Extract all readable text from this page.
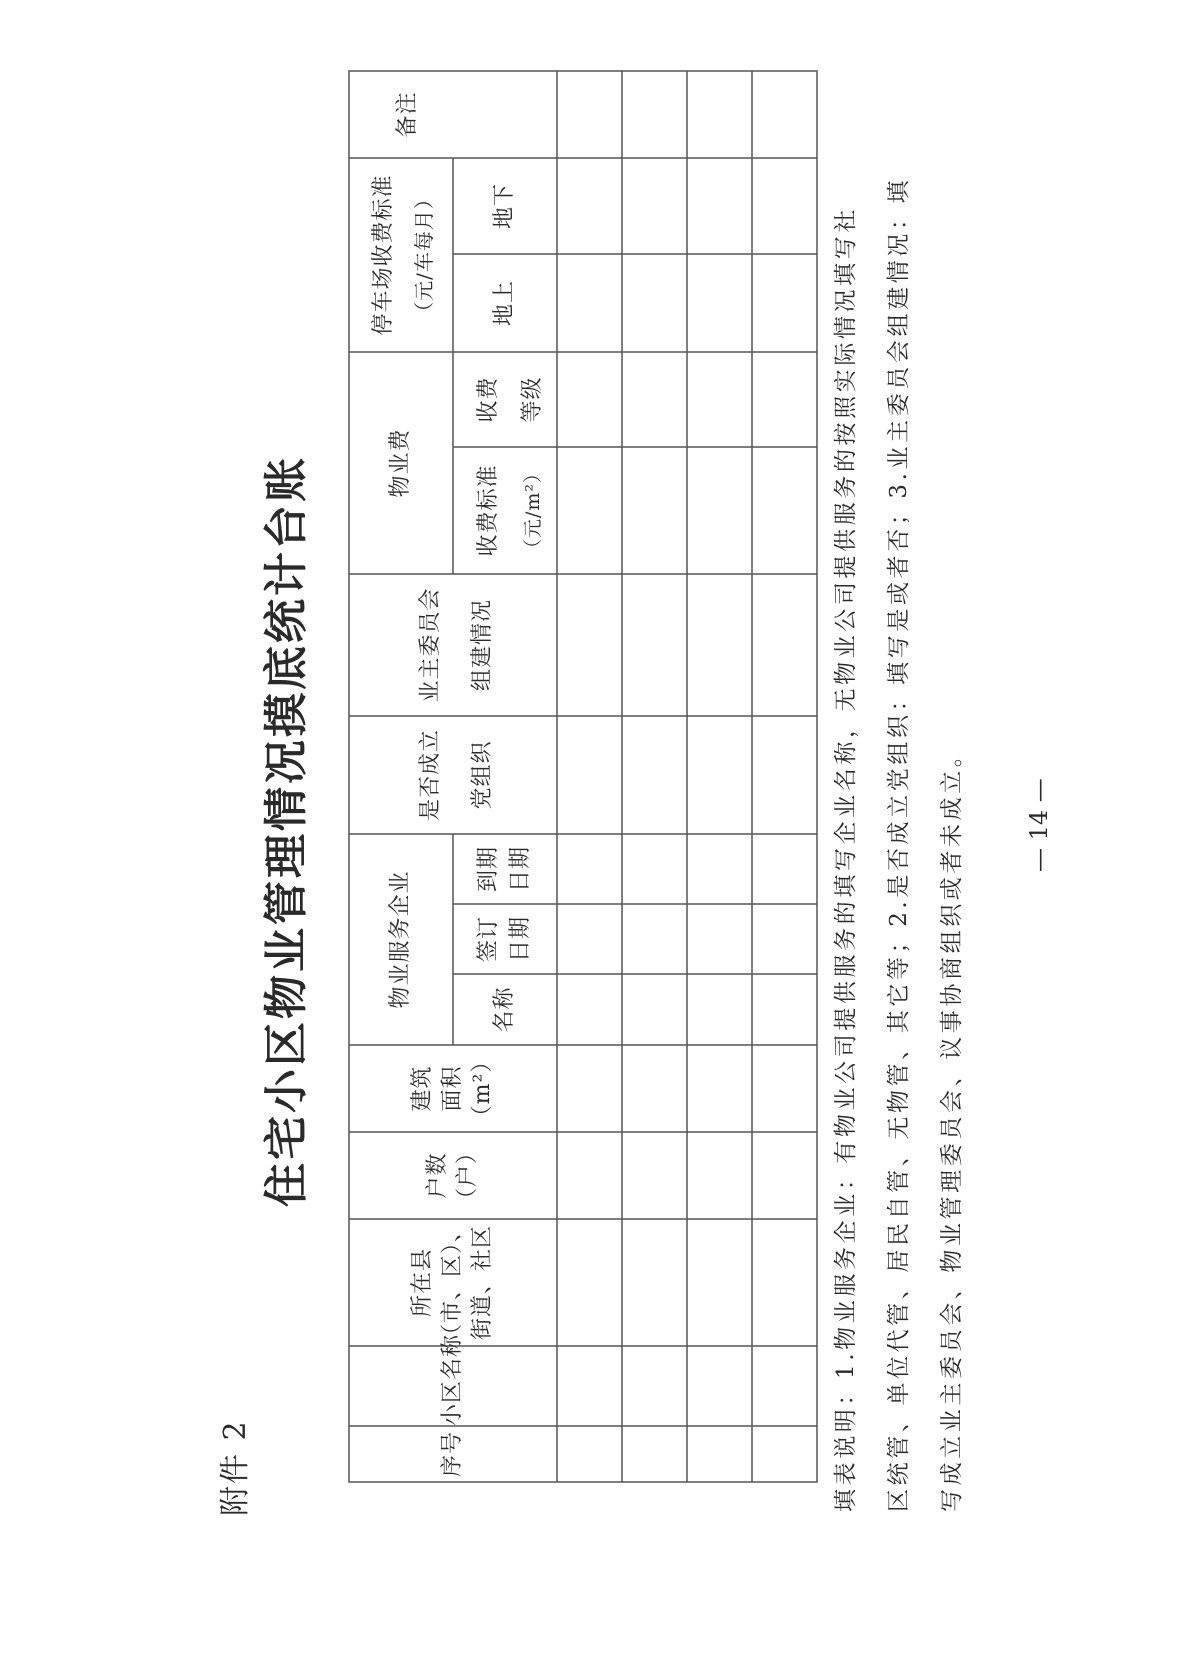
附件 2
住宅小区物业管理情况摸底统计台账
序号
小区名称
所在县 （市、区）、 街道、社区
户数 （户）
建筑 面积 （m²）
物业服务企业
名称
签订 日期
到期 日期
是否成立 党组织
业主委员会 组建情况
物业费
收费标准 （元/m²）
收费 等级
停车场收费标准 （元/车每月）	地上
地下
备注
填表说明：1.物业服务企业：有物业公司提供服务的填写企业名称，无物业公司提供服务的按照实际情况填写社 区统管、单位代管、居民自管、无物管、其它等；2.是否成立党组织：填写是或者否；3.业主委员会组建情况：填 写成立业主委员会、物业管理委员会、议事协商组织或者未成立。	— 14 —
